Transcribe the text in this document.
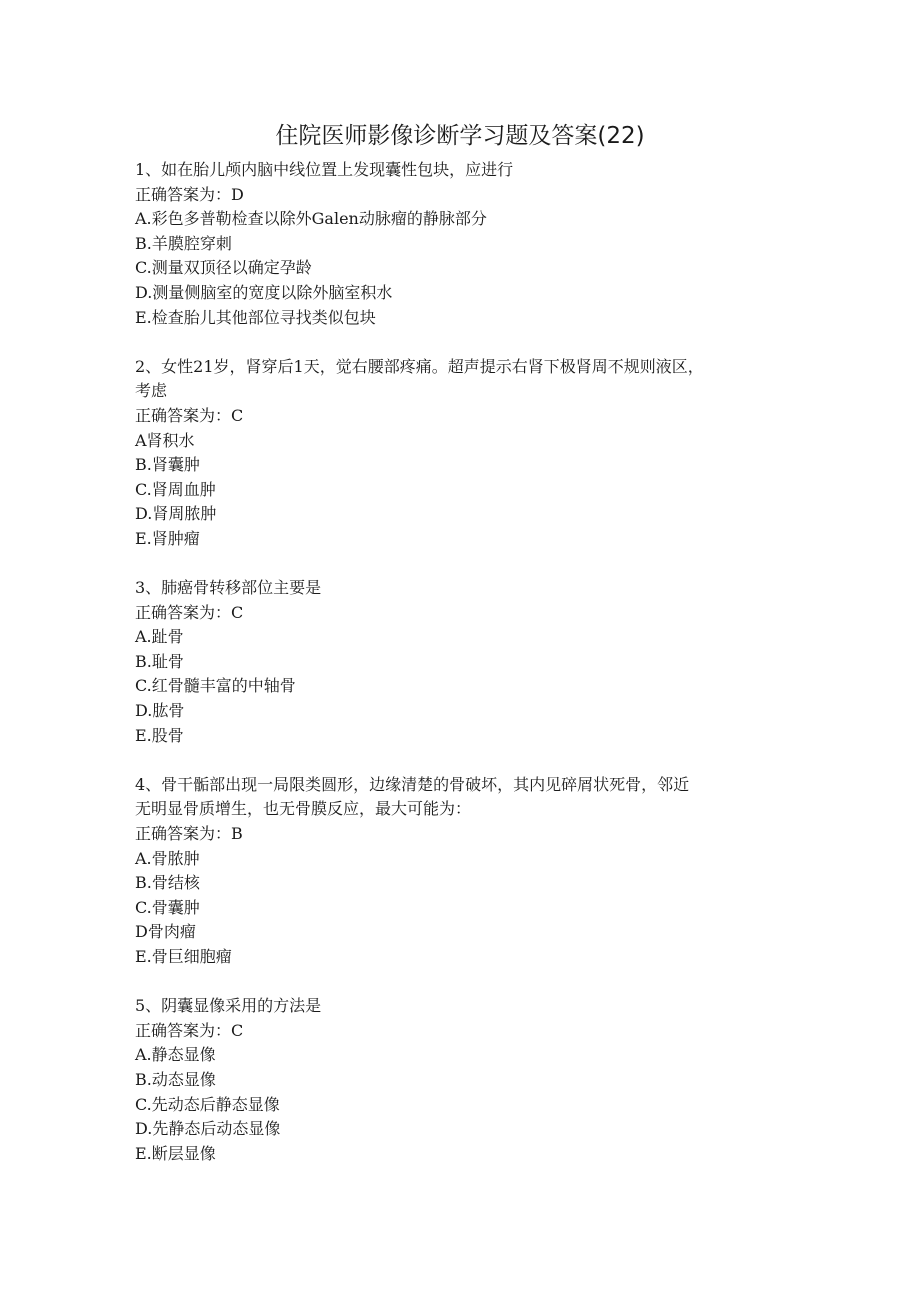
住院医师影像诊断学习题及答案(22)
1、如在胎儿颅内脑中线位置上发现囊性包块，应进行
正确答案为：D
A.彩色多普勒检查以除外Galen动脉瘤的静脉部分
B.羊膜腔穿刺
C.测量双顶径以确定孕龄
D.测量侧脑室的宽度以除外脑室积水
E.检查胎儿其他部位寻找类似包块
2、女性21岁，肾穿后1天，觉右腰部疼痛。超声提示右肾下极肾周不规则液区，
考虑
正确答案为：C
A肾积水
B.肾囊肿
C.肾周血肿
D.肾周脓肿
E.肾肿瘤
3、肺癌骨转移部位主要是
正确答案为：C
A.趾骨
B.耻骨
C.红骨髓丰富的中轴骨
D.肱骨
E.股骨
4、骨干骺部出现一局限类圆形，边缘清楚的骨破坏，其内见碎屑状死骨，邻近
无明显骨质增生，也无骨膜反应，最大可能为：
正确答案为：B
A.骨脓肿
B.骨结核
C.骨囊肿
D骨肉瘤
E.骨巨细胞瘤
5、阴囊显像采用的方法是
正确答案为：C
A.静态显像
B.动态显像
C.先动态后静态显像
D.先静态后动态显像
E.断层显像
